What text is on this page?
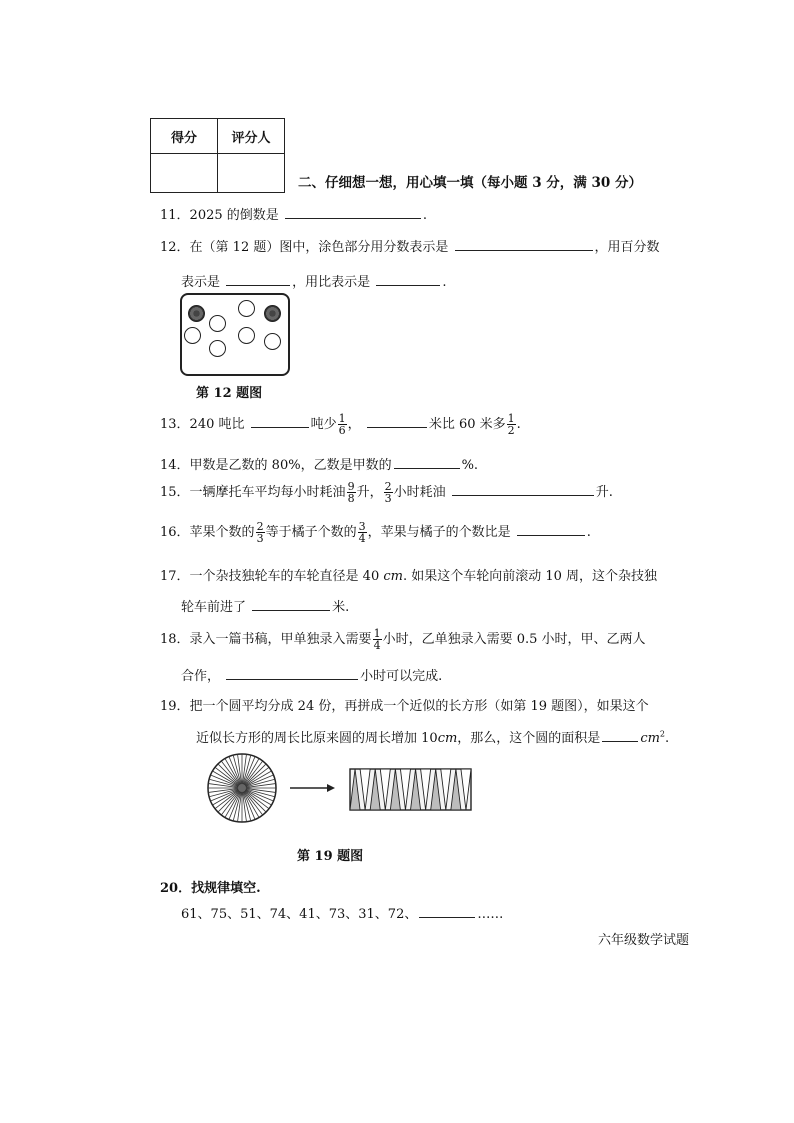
得分	评分人

二、仔细想一想，用心填一填（每小题 3 分，满 30 分）
11．2025 的倒数是	.
12．在（第 12 题）图中，涂色部分用分数表示是	，用百分数
表示是	，用比表示是	.
第 12 题图
13．240 吨比	吨少 $\frac{1}{6}$ ，	米比 60 米多 $\frac{1}{2}$ .
14．甲数是乙数的 80%，乙数是甲数的	%.
15．一辆摩托车平均每小时耗油 $\frac{9}{8}$ 升， $\frac{2}{3}$ 小时耗油	升.
16．苹果个数的 $\frac{2}{3}$ 等于橘子个数的 $\frac{3}{4}$ ，苹果与橘子的个数比是	.
17．一个杂技独轮车的车轮直径是 40 cm. 如果这个车轮向前滚动 10 周，这个杂技独
轮车前进了	米.
18．录入一篇书稿，甲单独录入需要 $\frac{1}{4}$ 小时，乙单独录入需要 0.5 小时，甲、乙两人
合作，	小时可以完成.
19．把一个圆平均分成 24 份，再拼成一个近似的长方形（如第 19 题图），如果这个
近似长方形的周长比原来圆的周长增加 10cm，那么，这个圆的面积是	$cm^2$.
第 19 题图
20．找规律填空.
61、75、51、74、41、73、31、72、	……
六年级数学试题
